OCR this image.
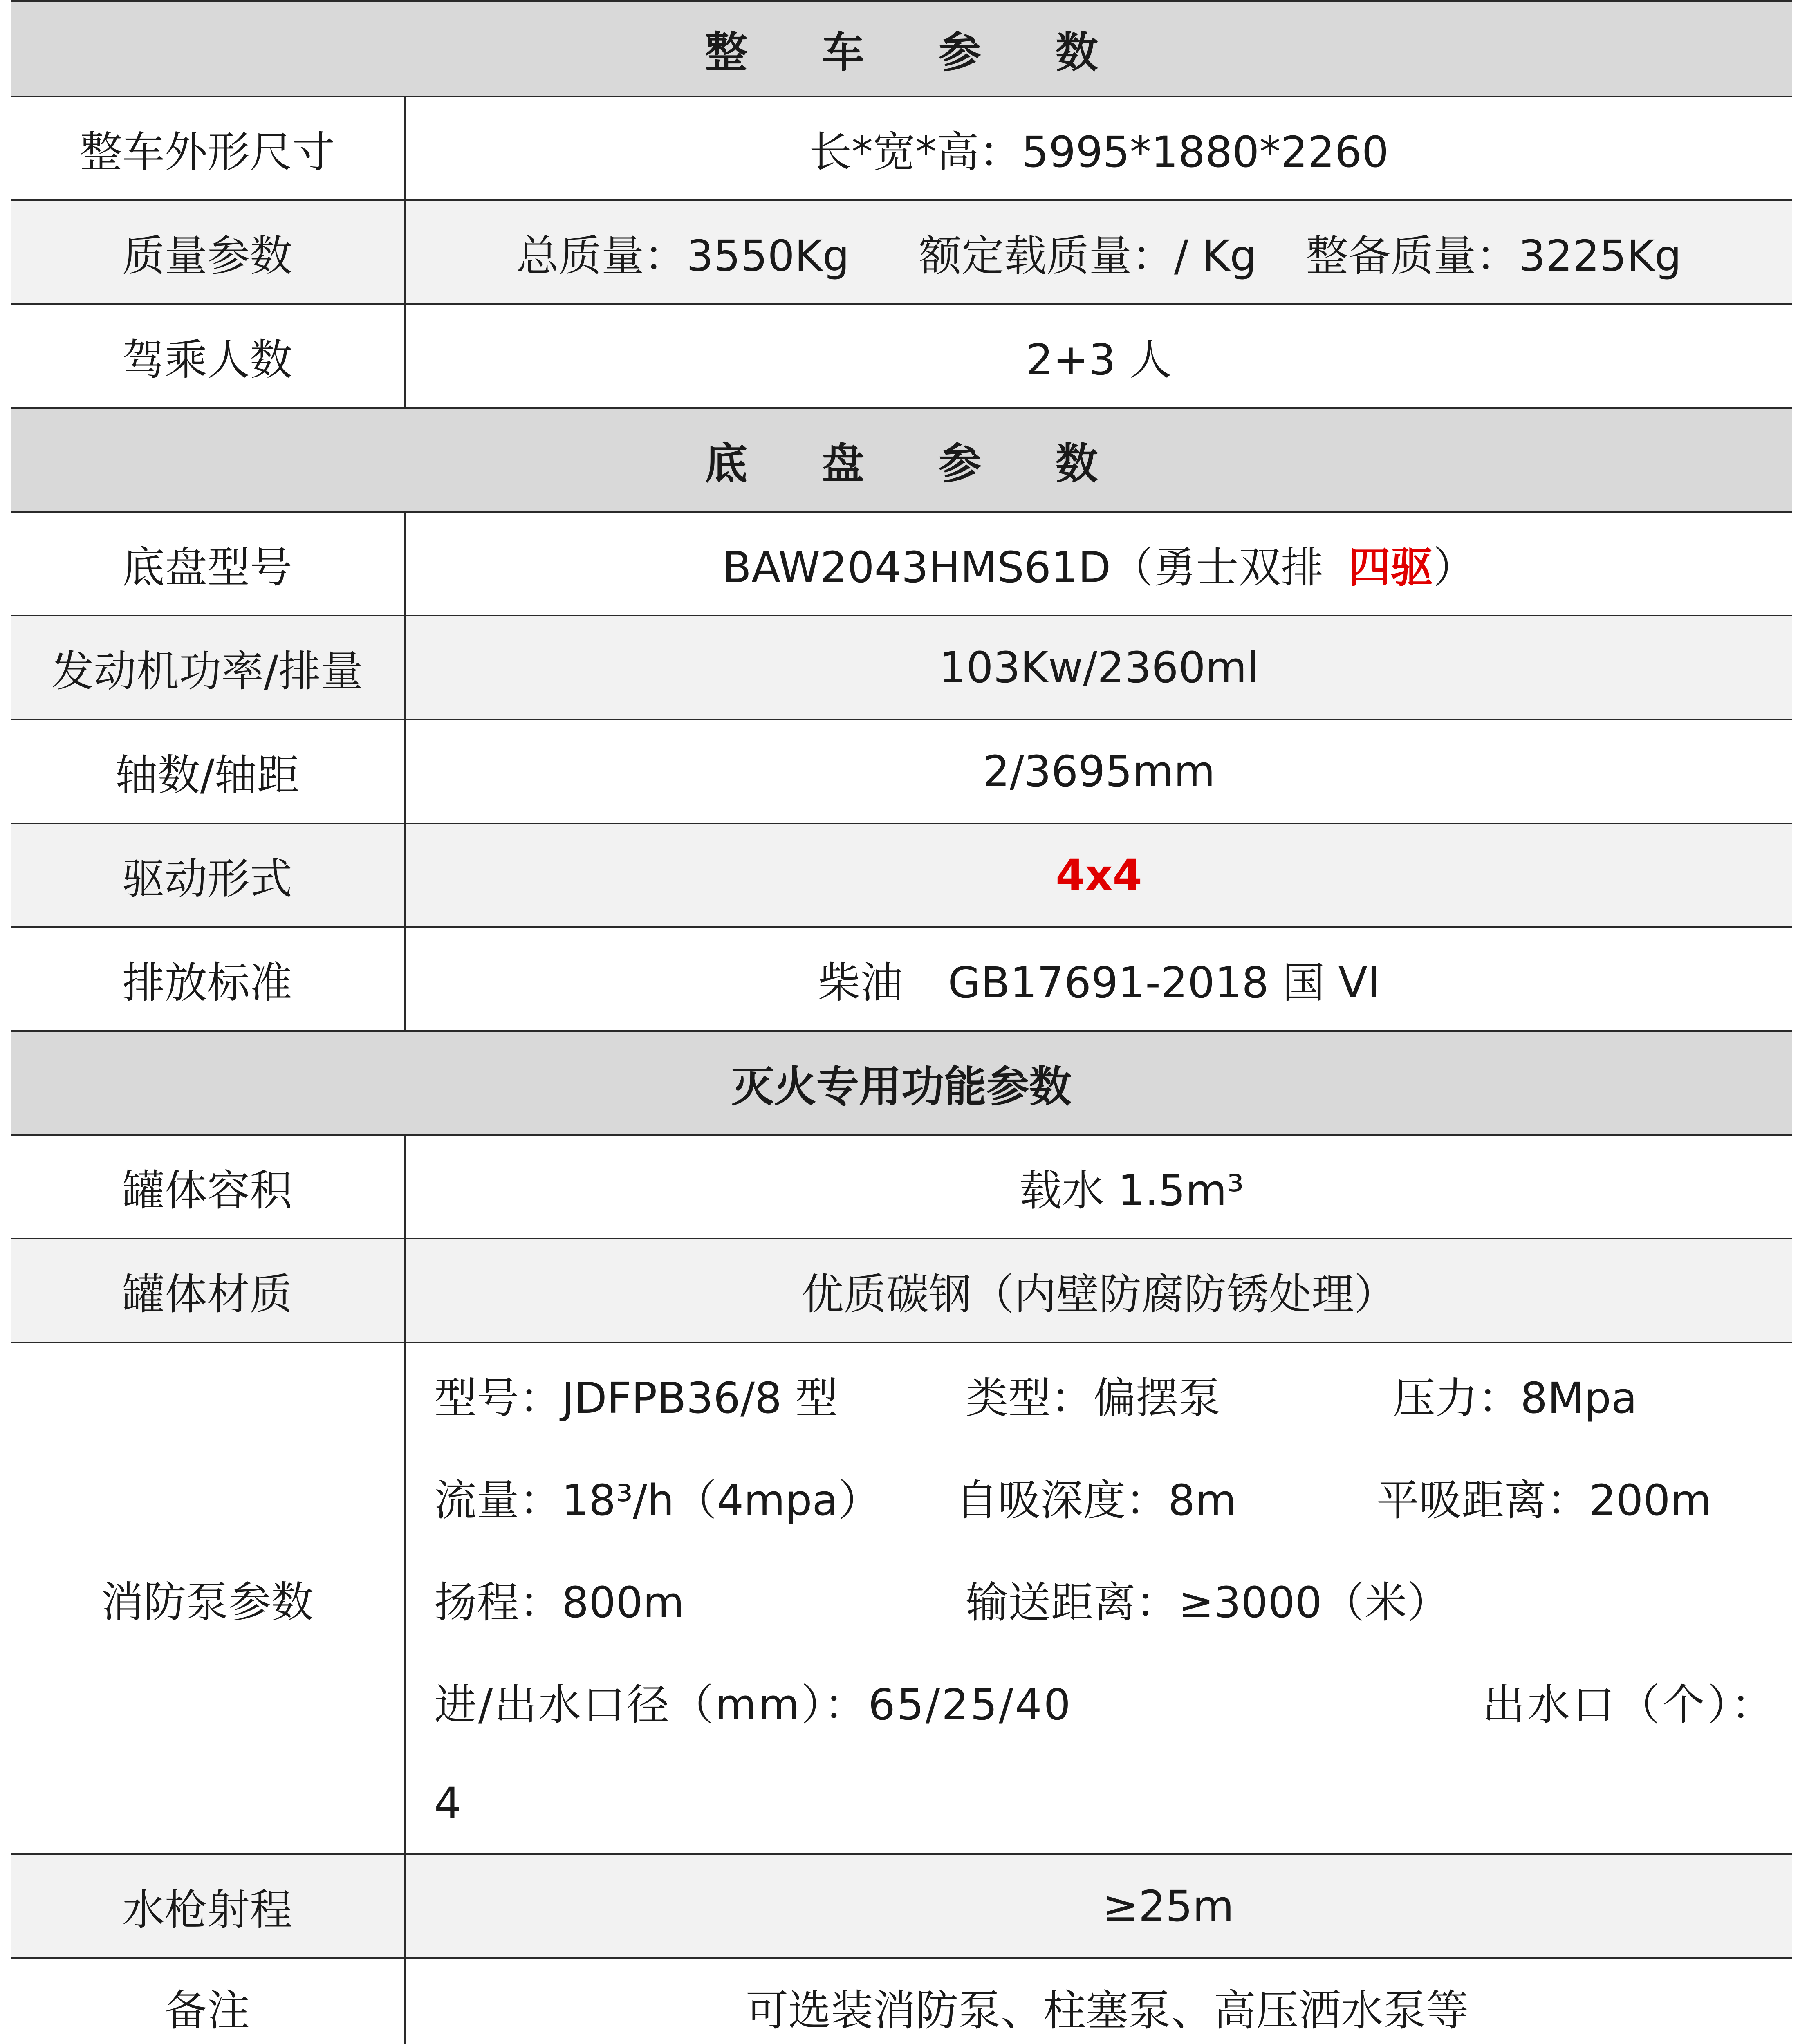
整 车 参 数
整车外形尺寸	长*宽*高：5995*1880*2260
质量参数	总质量：3550Kg 额定载质量：/ Kg 整备质量：3225Kg
驾乘人数	2+3 人
底 盘 参 数
底盘型号	BAW2043HMS61D（勇士双排 四驱 ）
发动机功率/排量	103Kw/2360ml
轴数/轴距	2/3695mm
驱动形式	4x4
排放标准	柴油 GB17691-2018 国 VI
灭火专用功能参数
罐体容积	载水 1.5m³
罐体材质	优质碳钢（内壁防腐防锈处理）
消防泵参数
型号：JDFPB36/8 型	类型：偏摆泵	压力：8Mpa
流量：18³/h（4mpa）	自吸深度：8m	平吸距离：200m
扬程：800m	输送距离：≥3000（米）
进/出水口径（mm）：65/25/40	出水口（个）：
4
水枪射程	≥25m
备注	可选装消防泵、柱塞泵、高压洒水泵等
